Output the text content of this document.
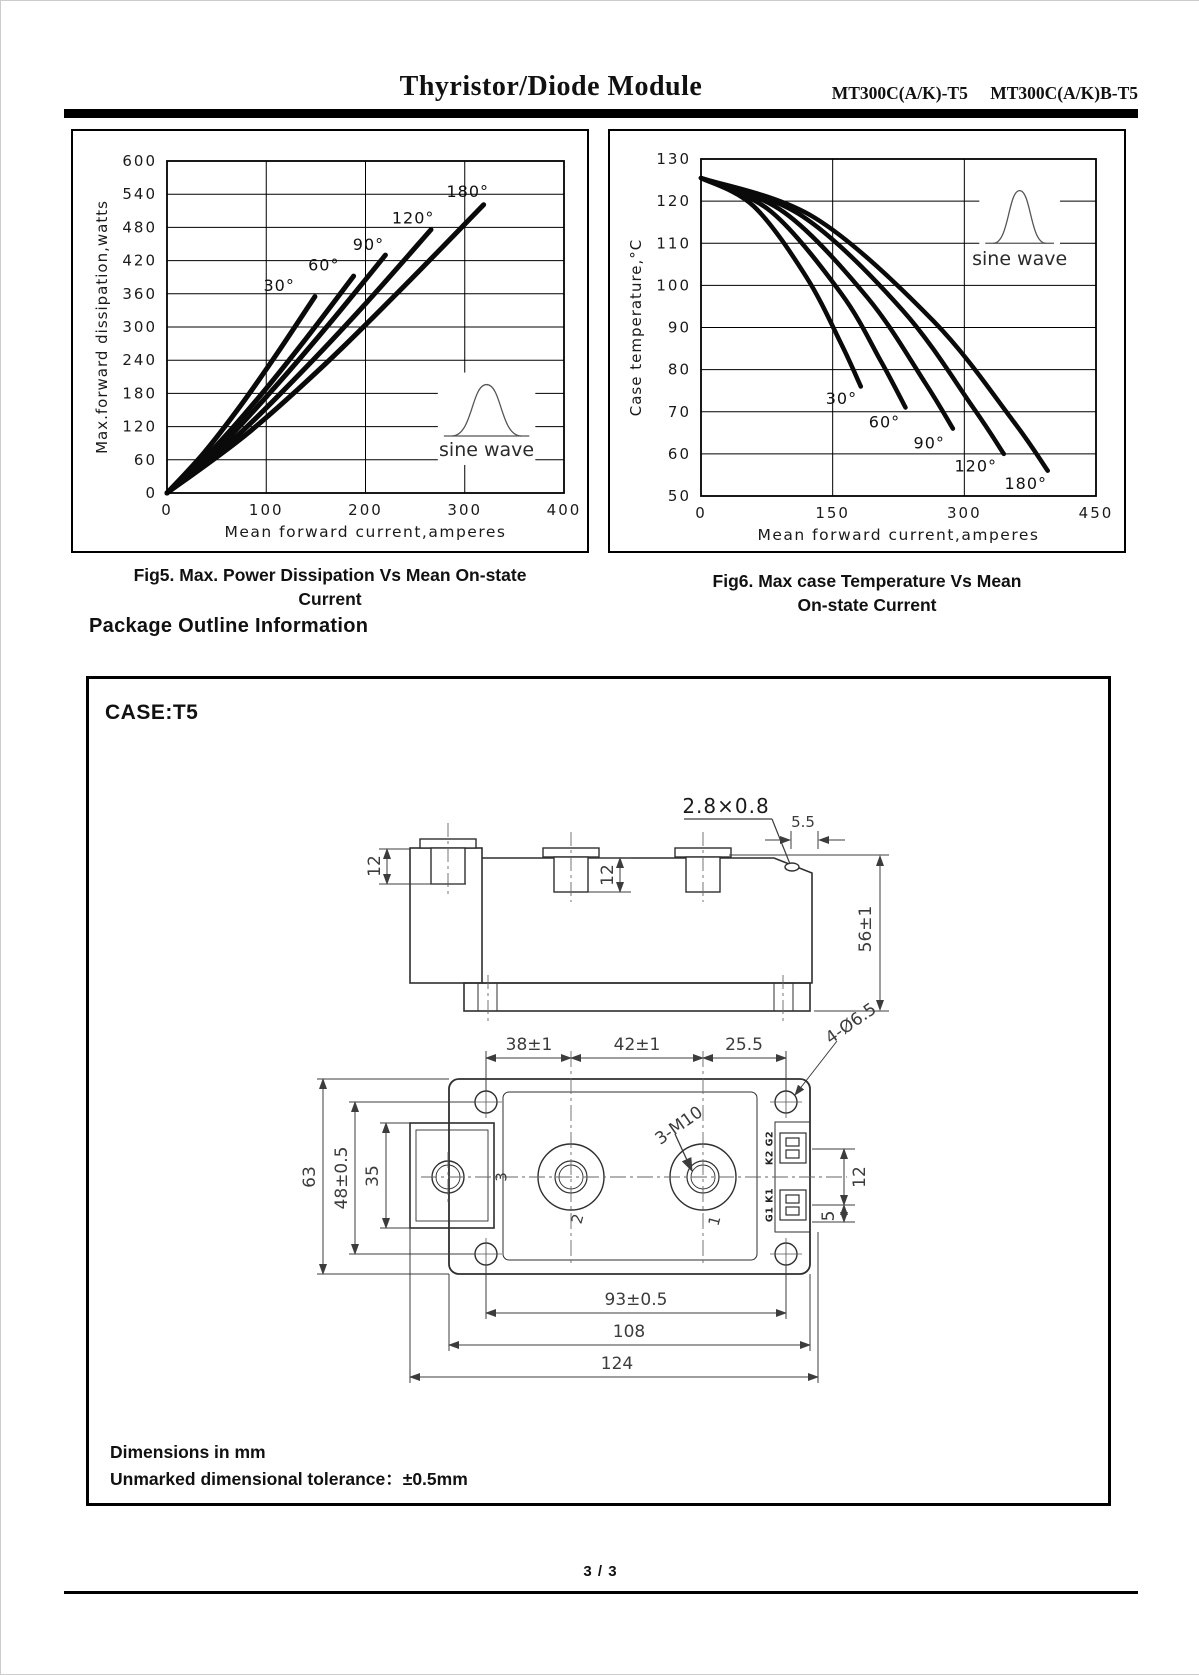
Thyristor/Diode Module	MT300C(A/K)-T5 MT300C(A/K)B-T5
sine wave
30°
60°
90°
120°
180°
0
60
120
180
240
300
360
420
480
540
600
0	100	200	300	400
Mean forward current,amperes
Max.forward dissipation,watts	sine wave
30°
60°
90°
120°
180°
50
60
70
80
90
100
110
120
130
0	150	300	450
Mean forward current,amperes
Case temperature,°C
Fig5. Max. Power Dissipation Vs Mean On-state
Current
Fig6. Max case Temperature Vs Mean
On-state Current
Package Outline Information
CASE:T5
12	12
2.8×0.8
5.5
56±1
38±1	42±1	25.5	4-Ø6.5
3-M10
63 48±0.5 35	12
5
93±0.5
108
124
3
2	1
K2 G2
G1 K1
Dimensions in mm
Unmarked dimensional tolerance：±0.5mm
3 / 3
